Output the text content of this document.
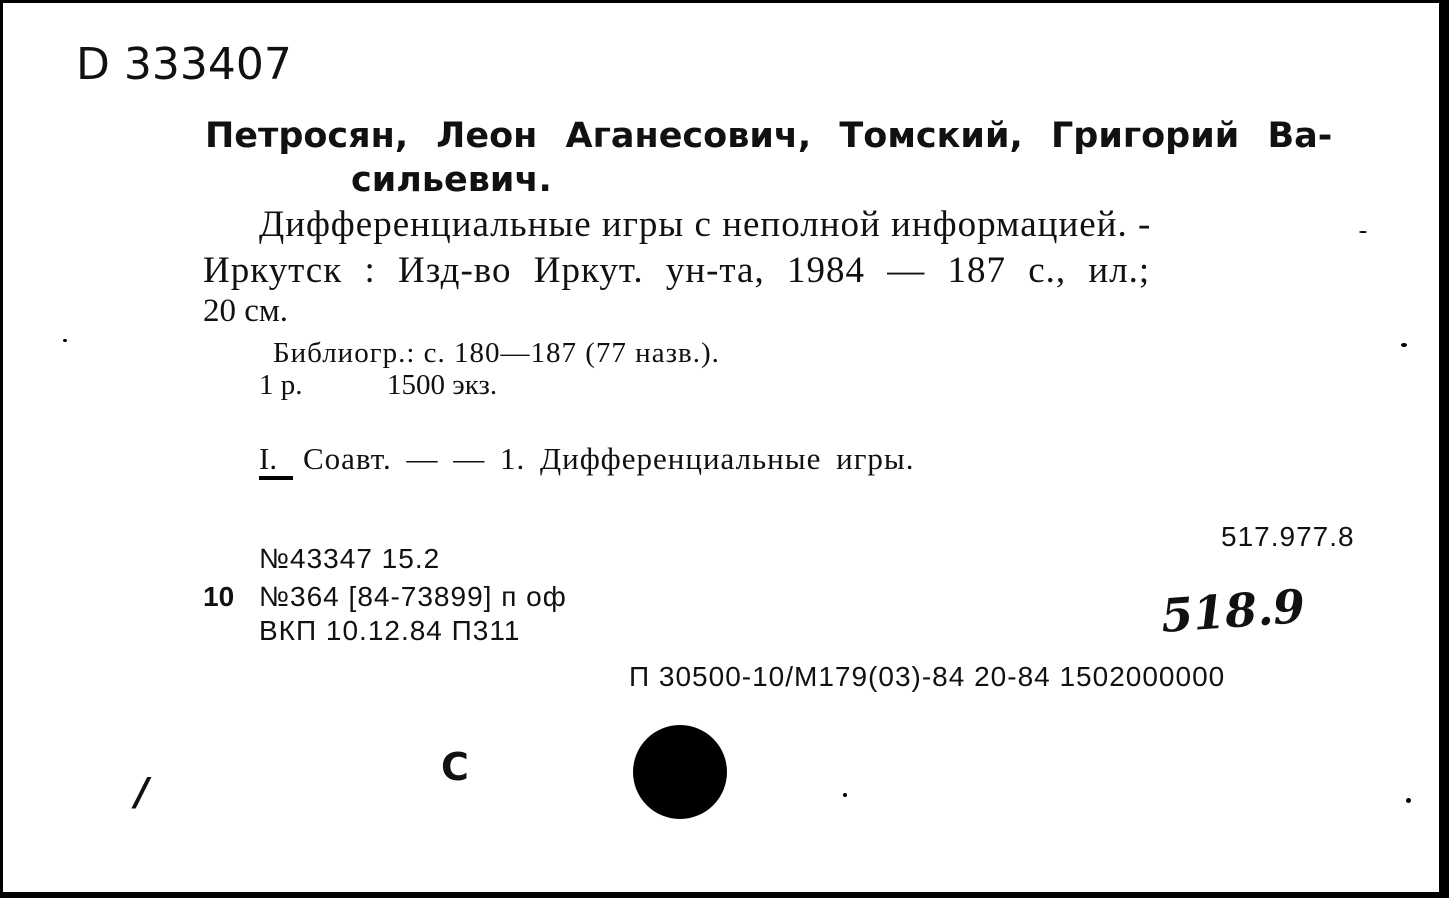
D 333407
Петросян, Леон Аганесович, Томский, Григорий Ва-
сильевич.
Дифференциальные игры с неполной информацией. -
Иркутск : Изд-во Иркут. ун-та, 1984 — 187 с., ил.;
20 см.
Библиогр.: с. 180—187 (77 назв.).
1 р.	1500 экз.
I. Соавт. — — 1. Дифференциальные игры.
517.977.8
№43347 15.2
10 №364 [84-73899] п оф
ВКП 10.12.84 П311	518.9
П 30500-10/М179(03)-84 20-84 1502000000
/
С
